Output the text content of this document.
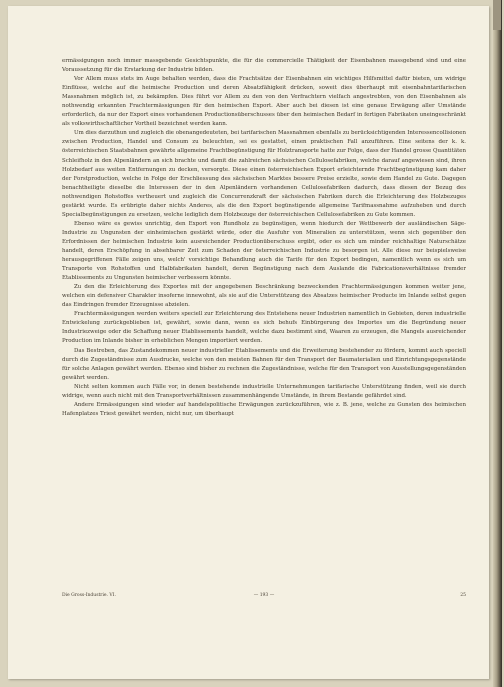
ermässigungen noch immer massgebende Gesichtspunkte, die für die commercielle Thätigkeit der Eisenbahnen massgebend sind und eine Voraussetzung für die Erstarkung der Industrie bilden.

Vor Allem muss stets im Auge behalten werden, dass die Frachtsätze der Eisenbahnen ein wichtiges Hilfsmittel dafür bieten, um widrige Einflüsse, welche auf die heimische Production und deren Absatzfähigkeit drücken, soweit dies überhaupt mit eisenbahntarifarischen Massnahmen möglich ist, zu bekämpfen. Dies führt vor Allem zu den von den Verfrachtern vielfach angestrebten, von den Eisenbahnen als nothwendig erkannten Frachtermässigungen für den heimischen Export. Aber auch bei diesen ist eine genaue Erwägung aller Umstände erforderlich, da nur der Export eines vorhandenen Productionsüberschusses über den heimischen Bedarf in fertigen Fabrikaten uneingeschränkt als volkswirthschaftlicher Vortheil bezeichnet werden kann.

Um dies darzuthun und zugleich die obenangedeuteten, bei tarifarischen Massnahmen ebenfalls zu berücksichtigenden Interessencollisionen zwischen Production, Handel und Consum zu beleuchten, sei es gestattet, einen praktischen Fall anzuführen. Eine seitens der k. k. österreichischen Staatsbahnen gewährte allgemeine Frachtbegünstigung für Holztransporte hatte zur Folge, dass der Handel grosse Quantitäten Schleifholz in den Alpenländern an sich brachte und damit die zahlreichen sächsischen Cellulosefabriken, welche darauf angewiesen sind, ihren Holzbedarf aus weiten Entfernungen zu decken, versorgte. Diese einen österreichischen Export erleichternde Frachtbegünstigung kam daher der Forstproduction, welche in Folge der Erschliessung des sächsischen Marktes bessere Preise erzielte, sowie dem Handel zu Gute. Dagegen benachtheiligte dieselbe die Interessen der in den Alpenländern vorhandenen Cellulosefabriken dadurch, dass diesen der Bezug des nothwendigen Rohstoffes vertheuert und zugleich die Concurrenzkraft der sächsischen Fabriken durch die Erleichterung des Holzbezuges gestärkt wurde. Es erübrigte daher nichts Anderes, als die den Export begünstigende allgemeine Tarifmassnahme aufzuheben und durch Specialbegünstigungen zu ersetzen, welche lediglich dem Holzbezuge der österreichischen Cellulosefabriken zu Gute kommen.

Ebenso wäre es gewiss unrichtig, den Export von Rundholz zu begünstigen, wenn hiedurch der Wettbewerb der ausländischen Säge-Industrie zu Ungunsten der einheimischen gestärkt würde, oder die Ausfuhr von Mineralien zu unterstützen, wenn sich gegenüber den Erfordnissen der heimischen Industrie kein ausreichender Productionüberschuss ergibt, oder es sich um minder reichhaltige Naturschätze handelt, deren Erschöpfung in absehbarer Zeit zum Schaden der österreichischen Industrie zu besorgen ist. Alle diese nur beispielsweise herausgegriffenen Fälle zeigen uns, welch' vorsichtige Behandlung auch die Tarife für den Export bedingen, namentlich wenn es sich um Transporte von Rohstoffen und Halbfabrikaten handelt, deren Begünstigung nach dem Auslande die Fabricationsverhältnisse fremder Etablissements zu Ungunsten heimischer verbessern könnte.

Zu den die Erleichterung des Exportes mit der angegebenen Beschränkung bezweckenden Frachtermässigungen kommen weiter jene, welchen ein defensiver Charakter insoferne innewohnt, als sie auf die Unterstützung des Absatzes heimischer Producte im Inlande selbst gegen das Eindringen fremder Erzeugnisse abzielen.

Frachtermässigungen werden weiters speciell zur Erleichterung des Entstehens neuer Industrien namentlich in Gebieten, deren industrielle Entwickelung zurückgeblieben ist, gewährt, sowie dann, wenn es sich behufs Einbürgerung des Importes um die Begründung neuer Industriezweige oder die Schaffung neuer Etablissements handelt, welche dazu bestimmt sind, Waaren zu erzeugen, die Mangels ausreichender Production im Inlande bisher in erheblichen Mengen importiert werden.

Das Bestreben, das Zustandekommen neuer industrieller Etablissements und die Erweiterung bestehender zu fördern, kommt auch speciell durch die Zugeständnisse zum Ausdrucke, welche von den meisten Bahnen für den Transport der Baumaterialien und Einrichtungsgegenstände für solche Anlagen gewährt werden. Ebenso sind bisher zu rechnen die Zugeständnisse, welche für den Transport von Ausstellungsgegenständen gewährt werden.

Nicht selten kommen auch Fälle vor, in denen bestehende industrielle Unternehmungen tarifarische Unterstützung finden, weil sie durch widrige, wenn auch nicht mit den Transportverhältnissen zusammenhängende Umstände, in ihrem Bestande gefährdet sind.

Andere Ermässigungen sind wieder auf handelspolitische Erwägungen zurückzuführen, wie z. B. jene, welche zu Gunsten des heimischen Hafenplatzes Triest gewährt werden, nicht nur, um überhaupt

Die Gross-Industrie. VI.	— 193 —	25
